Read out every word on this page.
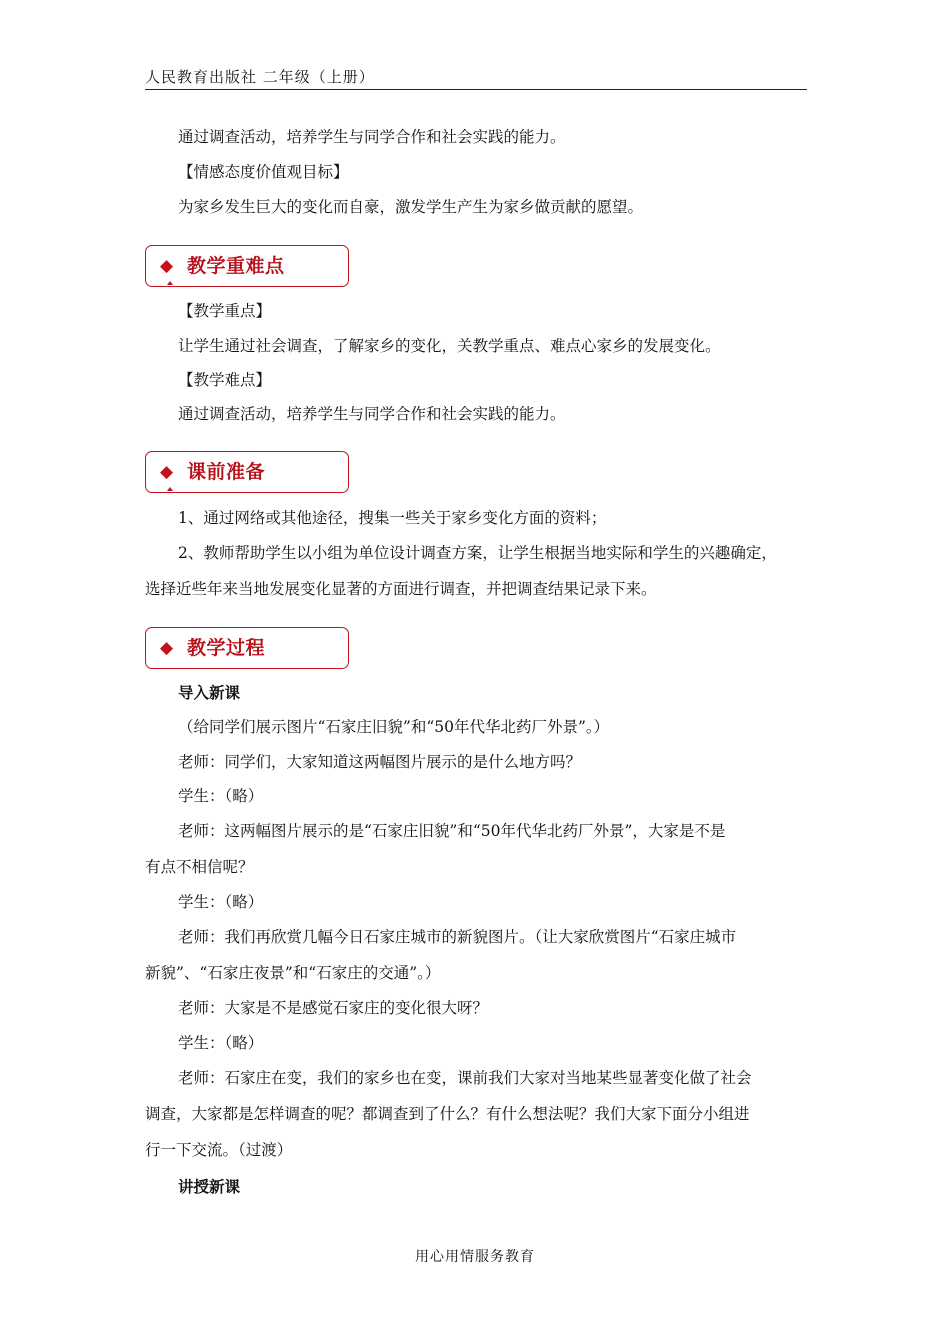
人民教育出版社 二年级（上册）
通过调查活动，培养学生与同学合作和社会实践的能力。
【情感态度价值观目标】
为家乡发生巨大的变化而自豪，激发学生产生为家乡做贡献的愿望。
◆ 教学重难点
【教学重点】
让学生通过社会调查，了解家乡的变化，关教学重点、难点心家乡的发展变化。
【教学难点】
通过调查活动，培养学生与同学合作和社会实践的能力。
◆ 课前准备
1、通过网络或其他途径，搜集一些关于家乡变化方面的资料；
2、教师帮助学生以小组为单位设计调查方案，让学生根据当地实际和学生的兴趣确定，
选择近些年来当地发展变化显著的方面进行调查，并把调查结果记录下来。
◆ 教学过程
导入新课
（给同学们展示图片“石家庄旧貌”和“50年代华北药厂外景”。）
老师：同学们，大家知道这两幅图片展示的是什么地方吗？
学生：（略）
老师：这两幅图片展示的是“石家庄旧貌”和“50年代华北药厂外景”，大家是不是
有点不相信呢？
学生：（略）
老师：我们再欣赏几幅今日石家庄城市的新貌图片。（让大家欣赏图片“石家庄城市
新貌”、“石家庄夜景”和“石家庄的交通”。）
老师：大家是不是感觉石家庄的变化很大呀？
学生：（略）
老师：石家庄在变，我们的家乡也在变，课前我们大家对当地某些显著变化做了社会
调查，大家都是怎样调查的呢？都调查到了什么？有什么想法呢？我们大家下面分小组进
行一下交流。（过渡）
讲授新课
用心用情服务教育
